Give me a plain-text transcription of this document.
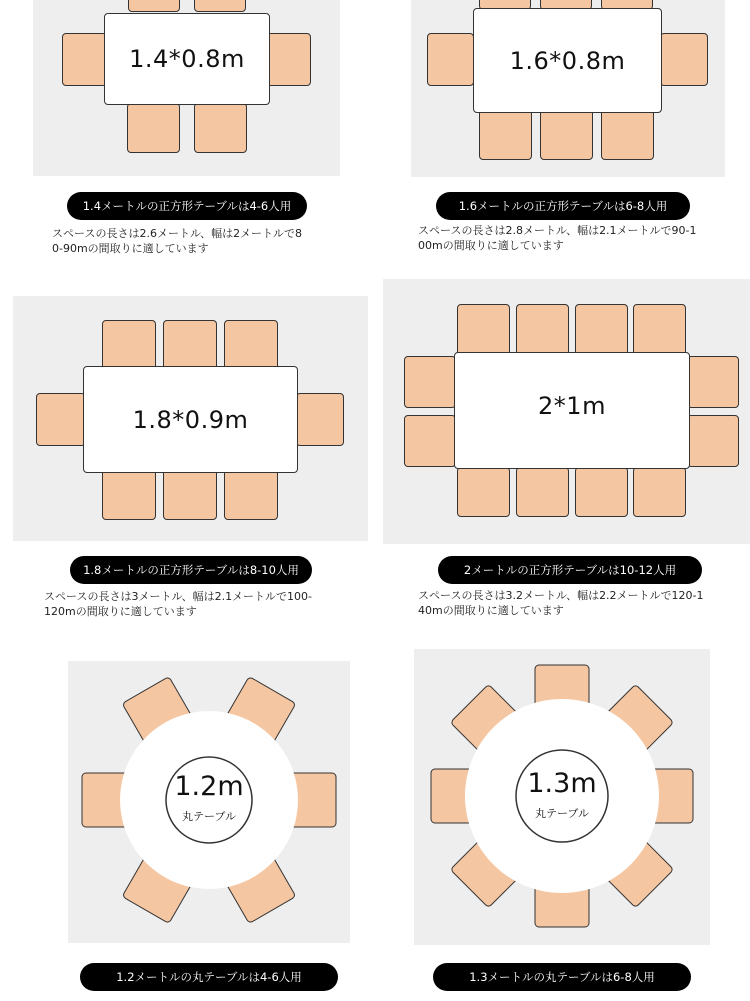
1.4*0.8m
1.4メートルの正方形テーブルは4-6人用
スペースの長さは2.6メートル、幅は2メートルで8
0-90mの間取りに適しています
1.6*0.8m
1.6メートルの正方形テーブルは6-8人用
スペースの長さは2.8メートル、幅は2.1メートルで90-1
00mの間取りに適しています
1.8*0.9m
1.8メートルの正方形テーブルは8-10人用
スペースの長さは3メートル、幅は2.1メートルで100-
120mの間取りに適しています
2*1m
2メートルの正方形テーブルは10-12人用
スペースの長さは3.2メートル、幅は2.2メートルで120-1
40mの間取りに適しています
1.2m
丸テーブル
1.2メートルの丸テーブルは4-6人用
1.3m
丸テーブル
1.3メートルの丸テーブルは6-8人用
